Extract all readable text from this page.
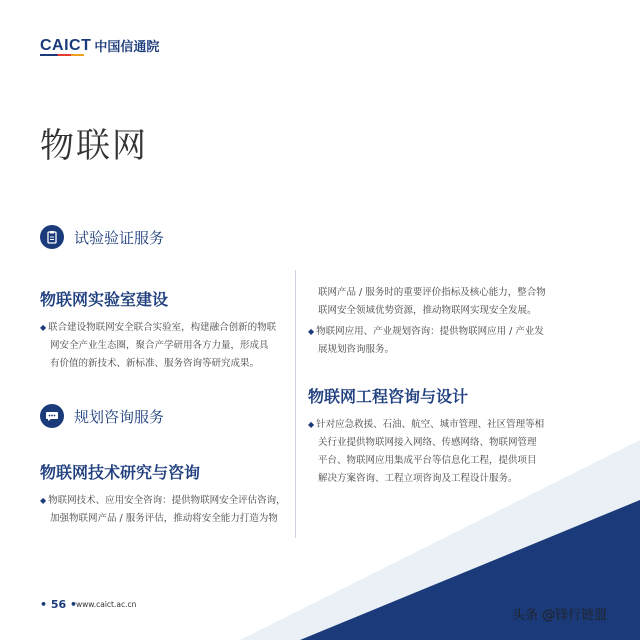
CAICT 中国信通院
物联网
试验验证服务
物联网实验室建设
◆ 联合建设物联网安全联合实验室，构建融合创新的物联
网安全产业生态圈，聚合产学研用各方力量，形成具
有价值的新技术、新标准、服务咨询等研究成果。
规划咨询服务
物联网技术研究与咨询
◆ 物联网技术、应用安全咨询：提供物联网安全评估咨询，
加强物联网产品 / 服务评估，推动将安全能力打造为物
联网产品 / 服务时的重要评价指标及核心能力，整合物
联网安全领域优势资源，推动物联网实现安全发展。
◆ 物联网应用、产业规划咨询：提供物联网应用 / 产业发
展规划咨询服务。
物联网工程咨询与设计
◆ 针对应急救援、石油、航空、城市管理、社区管理等相
关行业提供物联网接入网络、传感网络、物联网管理
平台、物联网应用集成平台等信息化工程，提供项目
解决方案咨询、工程立项咨询及工程设计服务。
• 56 •
www.caict.ac.cn
头条 @锋行链盟
